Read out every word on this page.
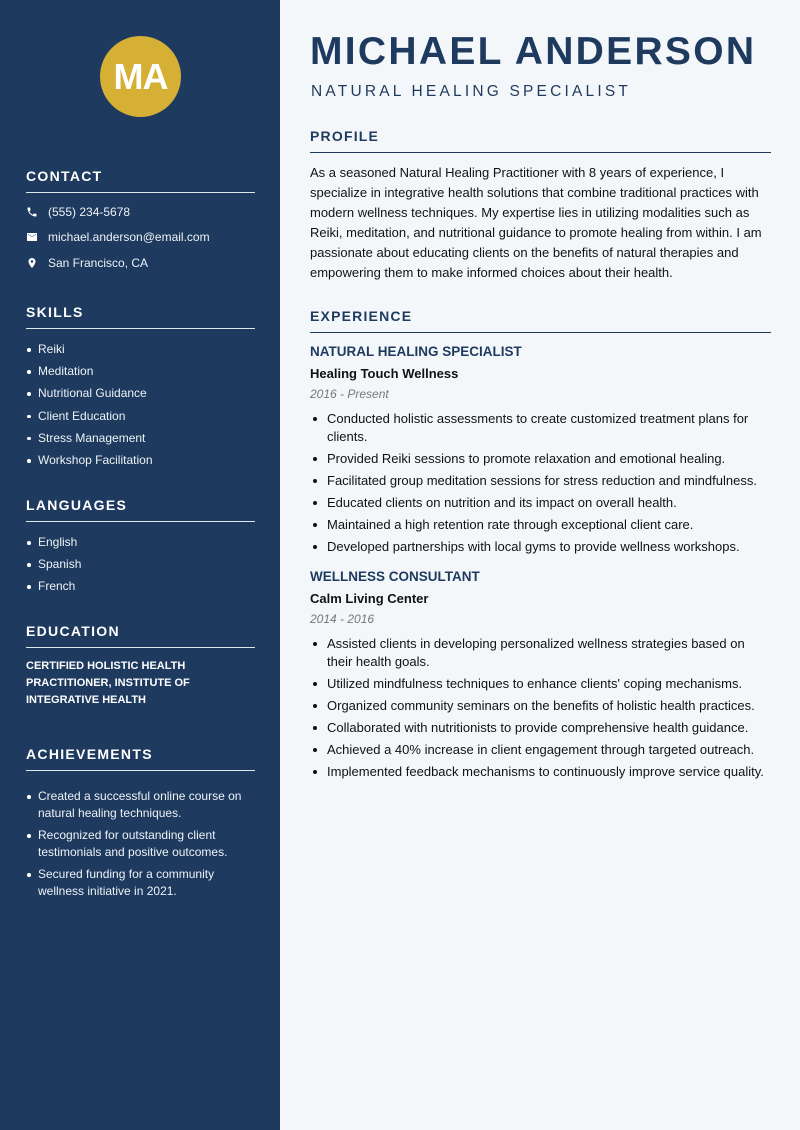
MA
CONTACT
(555) 234-5678
michael.anderson@email.com
San Francisco, CA
SKILLS
Reiki
Meditation
Nutritional Guidance
Client Education
Stress Management
Workshop Facilitation
LANGUAGES
English
Spanish
French
EDUCATION
CERTIFIED HOLISTIC HEALTH PRACTITIONER, INSTITUTE OF INTEGRATIVE HEALTH
ACHIEVEMENTS
Created a successful online course on natural healing techniques.
Recognized for outstanding client testimonials and positive outcomes.
Secured funding for a community wellness initiative in 2021.
MICHAEL ANDERSON
NATURAL HEALING SPECIALIST
PROFILE

As a seasoned Natural Healing Practitioner with 8 years of experience, I specialize in integrative health solutions that combine traditional practices with modern wellness techniques. My expertise lies in utilizing modalities such as Reiki, meditation, and nutritional guidance to promote healing from within. I am passionate about educating clients on the benefits of natural therapies and empowering them to make informed choices about their health.

EXPERIENCE
NATURAL HEALING SPECIALIST
Healing Touch Wellness
2016 - Present
Conducted holistic assessments to create customized treatment plans for clients.
Provided Reiki sessions to promote relaxation and emotional healing.
Facilitated group meditation sessions for stress reduction and mindfulness.
Educated clients on nutrition and its impact on overall health.
Maintained a high retention rate through exceptional client care.
Developed partnerships with local gyms to provide wellness workshops.
WELLNESS CONSULTANT
Calm Living Center
2014 - 2016
Assisted clients in developing personalized wellness strategies based on their health goals.
Utilized mindfulness techniques to enhance clients' coping mechanisms.
Organized community seminars on the benefits of holistic health practices.
Collaborated with nutritionists to provide comprehensive health guidance.
Achieved a 40% increase in client engagement through targeted outreach.
Implemented feedback mechanisms to continuously improve service quality.
